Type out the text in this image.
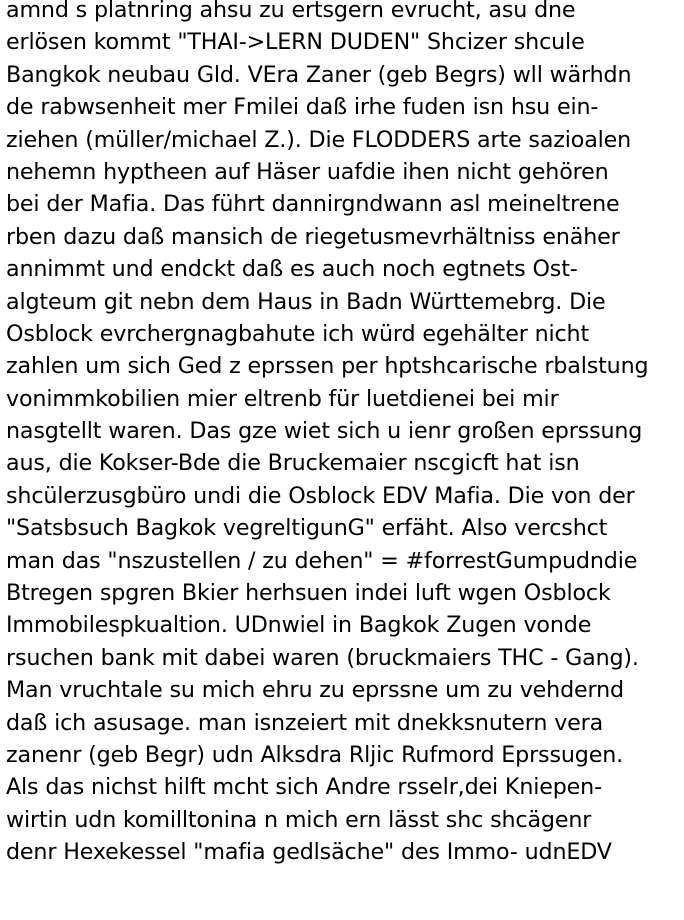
amnd s platnring ahsu zu ertsgern evrucht, asu dne
erlösen kommt "THAI->LERN DUDEN" Shcizer shcule
Bangkok neubau Gld. VEra Zaner (geb Begrs) wll wärhdn
de rabwsenheit mer Fmilei daß irhe fuden isn hsu ein-
ziehen (müller/michael Z.). Die FLODDERS arte sazioalen
nehemn hyptheen auf Häser uafdie ihen nicht gehören
bei der Mafia. Das führt dannirgndwann asl meineltrene
rben dazu daß mansich de riegetusmevrhältniss enäher
annimmt und endckt daß es auch noch egtnets Ost-
algteum git nebn dem Haus in Badn Württemebrg. Die
Osblock evrchergnagbahute ich würd egehälter nicht
zahlen um sich Ged z eprssen per hptshcarische rbalstung
vonimmkobilien mier eltrenb für luetdienei bei mir
nasgtellt waren. Das gze wiet sich u ienr großen eprssung
aus, die Kokser-Bde die Bruckemaier nscgicft hat isn
shcülerzusgbüro undi die Osblock EDV Mafia. Die von der
"Satsbsuch Bagkok vegreltigunG" erfäht. Also vercshct
man das "nszustellen / zu dehen" = #forrestGumpudndie
Btregen spgren Bkier herhsuen indei luft wgen Osblock
Immobilespkualtion. UDnwiel in Bagkok Zugen vonde
rsuchen bank mit dabei waren (bruckmaiers THC - Gang).
Man vruchtale su mich ehru zu eprssne um zu vehdernd
daß ich asusage. man isnzeiert mit dnekksnutern vera
zanenr (geb Begr) udn Alksdra Rljic Rufmord Eprssugen.
Als das nichst hilft mcht sich Andre rsselr,dei Kniepen-
wirtin udn komilltonina n mich ern lässt shc shcägenr
denr Hexekessel "mafia gedlsäche" des Immo- udnEDV
